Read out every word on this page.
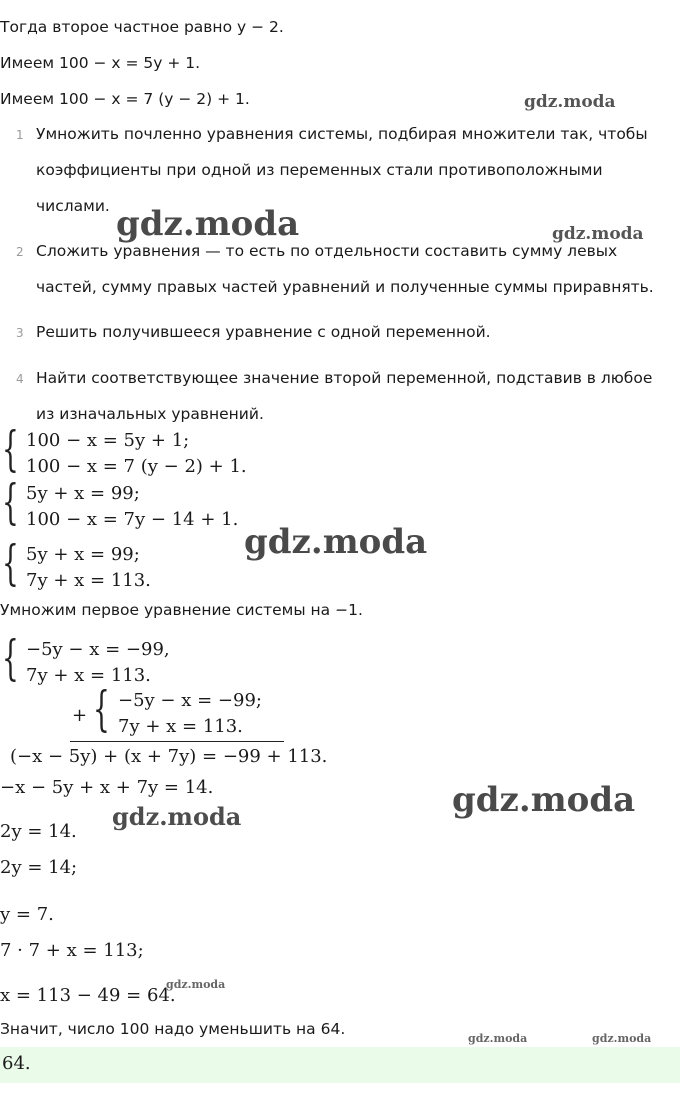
Тогда второе частное равно y − 2.
Имеем 100 − x = 5y + 1.
Имеем 100 − x = 7 (y − 2) + 1.
1 Умножить почленно уравнения системы, подбирая множители так, чтобы
коэффициенты при одной из переменных стали противоположными
числами.
2 Сложить уравнения — то есть по отдельности составить сумму левых
частей, сумму правых частей уравнений и полученные суммы приравнять.
3 Решить получившееся уравнение с одной переменной.
4 Найти соответствующее значение второй переменной, подставив в любое
из изначальных уравнений.
{ 100 − x = 5y + 1;
100 − x = 7 (y − 2) + 1.
{ 5y + x = 99;
100 − x = 7y − 14 + 1.
{ 5y + x = 99;
7y + x = 113.
Умножим первое уравнение системы на −1.
{ −5y − x = −99,
7y + x = 113.
+ { −5y − x = −99;
7y + x = 113.
(−x − 5y) + (x + 7y) = −99 + 113.
−x − 5y + x + 7y = 14.
2y = 14.
2y = 14;
y = 7.
7 · 7 + x = 113;
x = 113 − 49 = 64.
Значит, число 100 надо уменьшить на 64.
64.
gdz.moda
gdz.moda	gdz.moda
gdz.moda
gdz.moda
gdz.moda
gdz.moda
gdz.moda	gdz.moda
